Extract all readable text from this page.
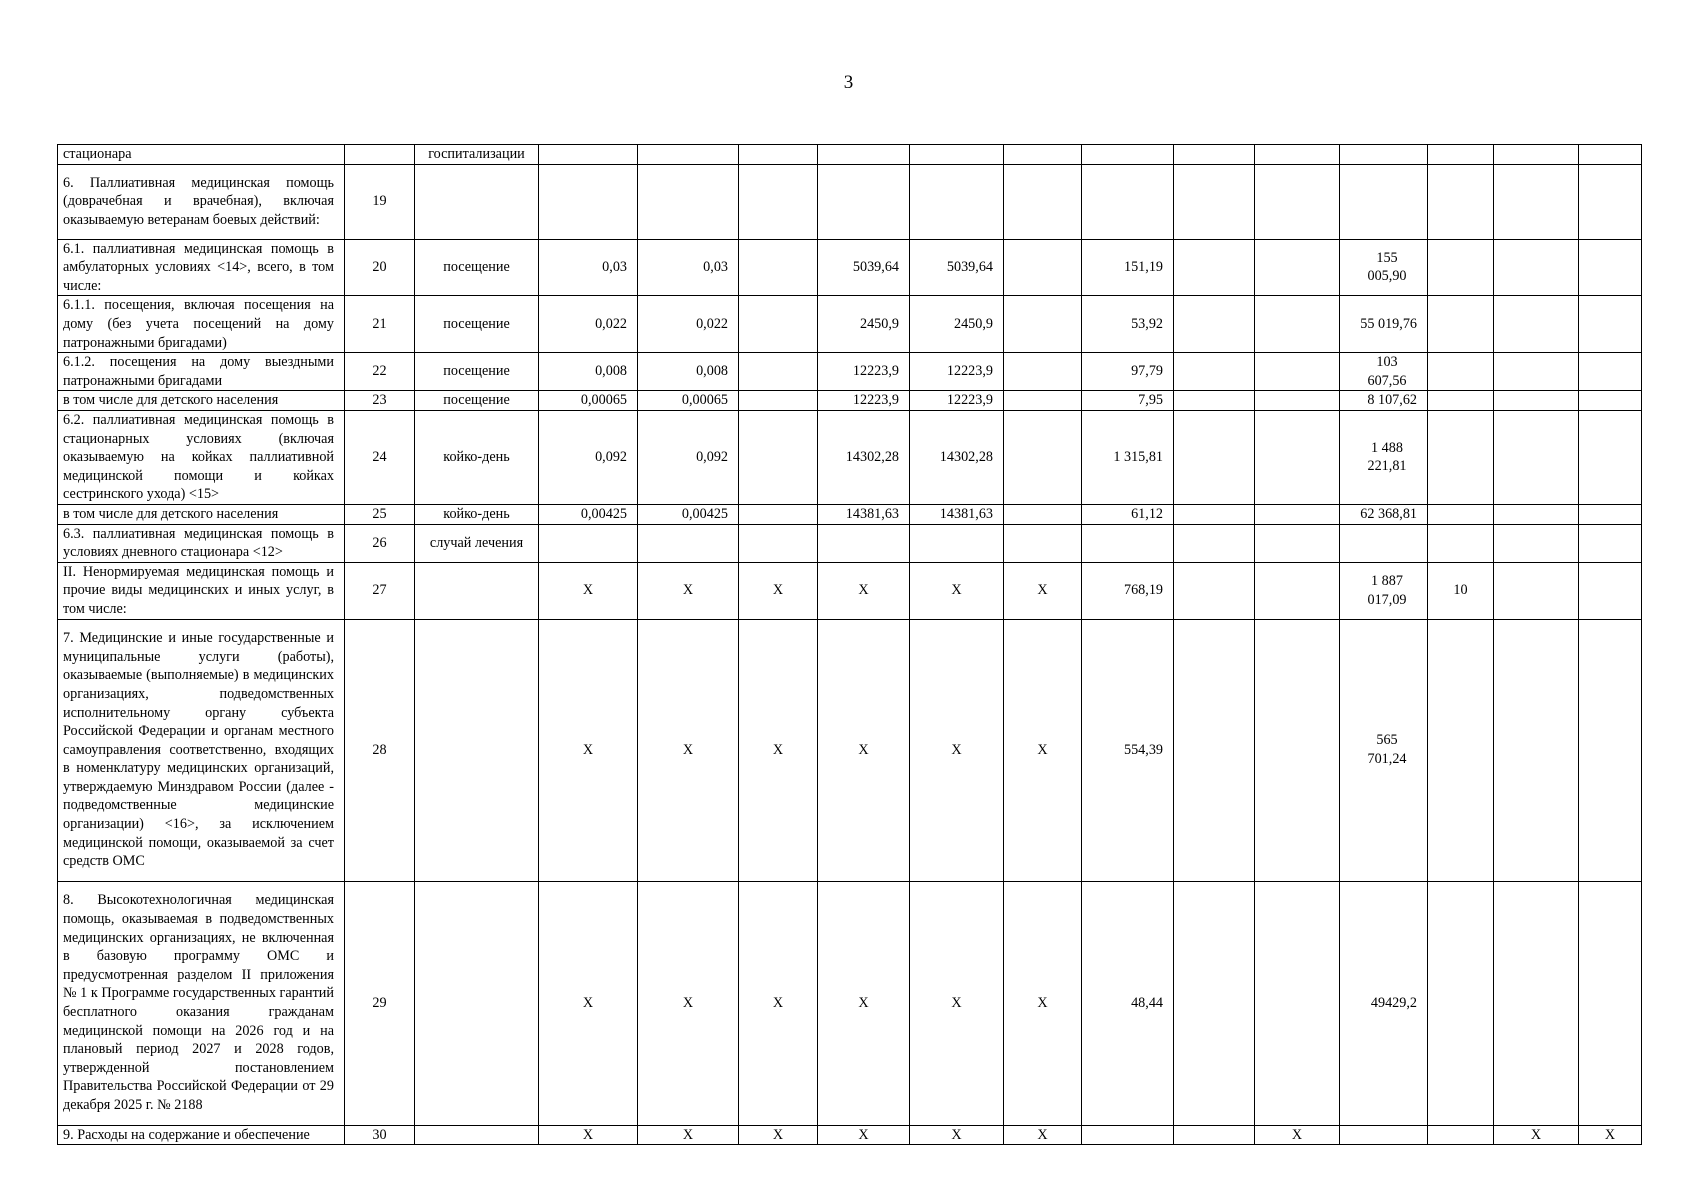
3
стационара		госпитализации													
6. Паллиативная медицинская помощь (доврачебная и врачебная), включая оказываемую ветеранам боевых действий:	19														
6.1. паллиативная медицинская помощь в амбулаторных условиях <14>, всего, в том числе:	20	посещение	0,03	0,03		5039,64	5039,64		151,19			155 005,90			
6.1.1. посещения, включая посещения на дому (без учета посещений на дому патронажными бригадами)	21	посещение	0,022	0,022		2450,9	2450,9		53,92			55 019,76			
6.1.2. посещения на дому выездными патронажными бригадами	22	посещение	0,008	0,008		12223,9	12223,9		97,79			103 607,56			
в том числе для детского населения	23	посещение	0,00065	0,00065		12223,9	12223,9		7,95			8 107,62			
6.2. паллиативная медицинская помощь в стационарных условиях (включая оказываемую на койках паллиативной медицинской помощи и койках сестринского ухода) <15>	24	койко-день	0,092	0,092		14302,28	14302,28		1 315,81			1 488 221,81			
в том числе для детского населения	25	койко-день	0,00425	0,00425		14381,63	14381,63		61,12			62 368,81			
6.3. паллиативная медицинская помощь в условиях дневного стационара <12>	26	случай лечения													
II. Ненормируемая медицинская помощь и прочие виды медицинских и иных услуг, в том числе:	27		X	X	X	X	X	X	768,19			1 887 017,09	10		
7. Медицинские и иные государственные и муниципальные услуги (работы), оказываемые (выполняемые) в медицинских организациях, подведомственных исполнительному органу субъекта Российской Федерации и органам местного самоуправления соответственно, входящих в номенклатуру медицинских организаций, утверждаемую Минздравом России (далее - подведомственные медицинские организации) <16>, за исключением медицинской помощи, оказываемой за счет средств ОМС	28		X	X	X	X	X	X	554,39			565 701,24			
8. Высокотехнологичная медицинская помощь, оказываемая в подведомственных медицинских организациях, не включенная в базовую программу ОМС и предусмотренная разделом II приложения № 1 к Программе государственных гарантий бесплатного оказания гражданам медицинской помощи на 2026 год и на плановый период 2027 и 2028 годов, утвержденной постановлением Правительства Российской Федерации от 29 декабря 2025 г. № 2188	29		X	X	X	X	X	X	48,44			49429,2			
9. Расходы на содержание и обеспечение	30		X	X	X	X	X	X			X			X	X
